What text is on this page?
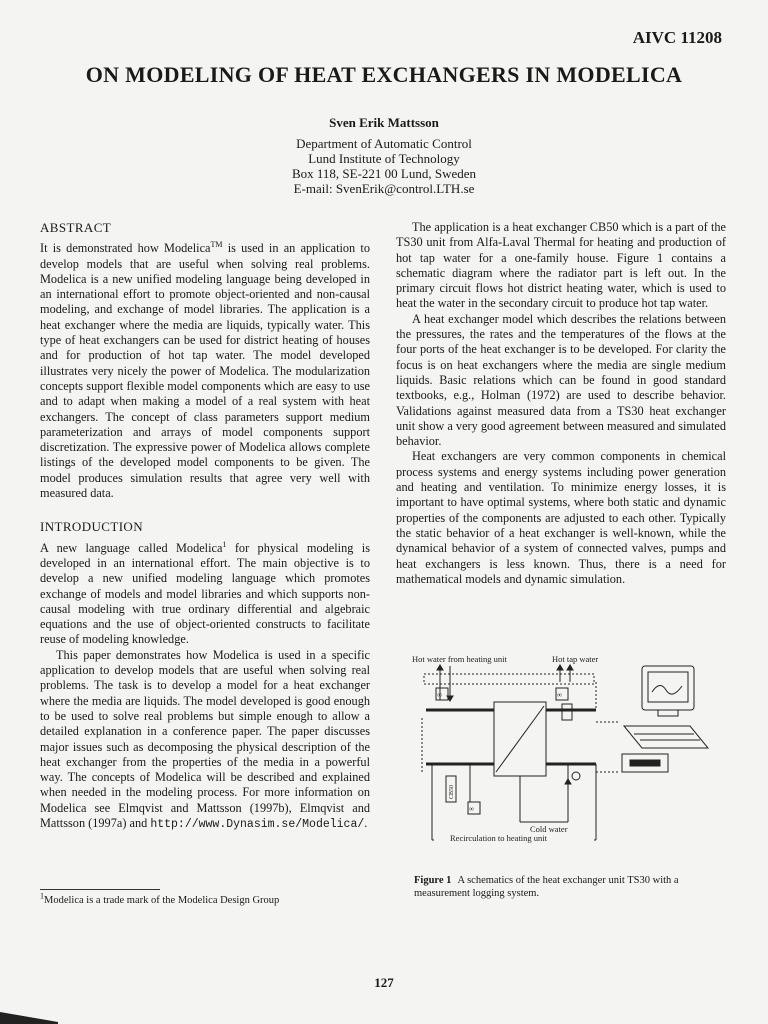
AIVC 11208
ON MODELING OF HEAT EXCHANGERS IN MODELICA
Sven Erik Mattsson
Department of Automatic Control
Lund Institute of Technology
Box 118, SE-221 00 Lund, Sweden
E-mail: SvenErik@control.LTH.se
ABSTRACT

It is demonstrated how Modelica™ is used in an application to develop models that are useful when solving real problems. Modelica is a new unified modeling language being developed in an international effort to promote object-oriented and non-causal modeling, and exchange of model libraries. The application is a heat exchanger where the media are liquids, typically water. This type of heat exchangers can be used for district heating of houses and for production of hot tap water. The model developed illustrates very nicely the power of Modelica. The modularization concepts support flexible model components which are easy to use and to adapt when making a model of a real system with heat exchangers. The concept of class parameters support medium parameterization and arrays of model components support discretization. The expressive power of Modelica allows complete listings of the developed model components to be given. The model produces simulation results that agree very well with measured data.

INTRODUCTION

A new language called Modelica$^1$ for physical modeling is developed in an international effort. The main objective is to develop a new unified modeling language which promotes exchange of models and model libraries and which supports non-causal modeling with true ordinary differential and algebraic equations and the use of object-oriented constructs to facilitate reuse of modeling knowledge.

This paper demonstrates how Modelica is used in a specific application to develop models that are useful when solving real problems. The task is to develop a model for a heat exchanger where the media are liquids. The model developed is good enough to be used to solve real problems but simple enough to allow a detailed explanation in a conference paper. The paper discusses major issues such as decomposing the physical description of the heat exchanger from the properties of the media in a powerful way. The concepts of Modelica will be described and explained when needed in the modeling process. For more information on Modelica see Elmqvist and Mattsson (1997b), Elmqvist and Mattsson (1997a) and http://www.Dynasim.se/Modelica/.

$^1$Modelica is a trade mark of the Modelica Design Group

The application is a heat exchanger CB50 which is a part of the TS30 unit from Alfa-Laval Thermal for heating and production of hot tap water for a one-family house. Figure 1 contains a schematic diagram where the radiator part is left out. In the primary circuit flows hot district heating water, which is used to heat the water in the secondary circuit to produce hot tap water.

A heat exchanger model which describes the relations between the pressures, the rates and the temperatures of the flows at the four ports of the heat exchanger is to be developed. For clarity the focus is on heat exchangers where the media are single medium liquids. Basic relations which can be found in good standard textbooks, e.g., Holman (1972) are used to describe behavior. Validations against measured data from a TS30 heat exchanger unit show a very good agreement between measured and simulated behavior.

Heat exchangers are very common components in chemical process systems and energy systems including power generation and heating and ventilation. To minimize energy losses, it is important to have optimal systems, where both static and dynamic properties of the components are adjusted to each other. Typically the static behavior of a heat exchanger is well-known, while the dynamical behavior of a system of connected valves, pumps and heat exchangers is less known. Thus, there is a need for mathematical models and dynamic simulation.

Hot water from heating unit	Hot tap water
∞	∞
CB50
Recirculation to heating unit
∞
Cold water
Figure 1 A schematics of the heat exchanger unit TS30 with a measurement logging system.
127
